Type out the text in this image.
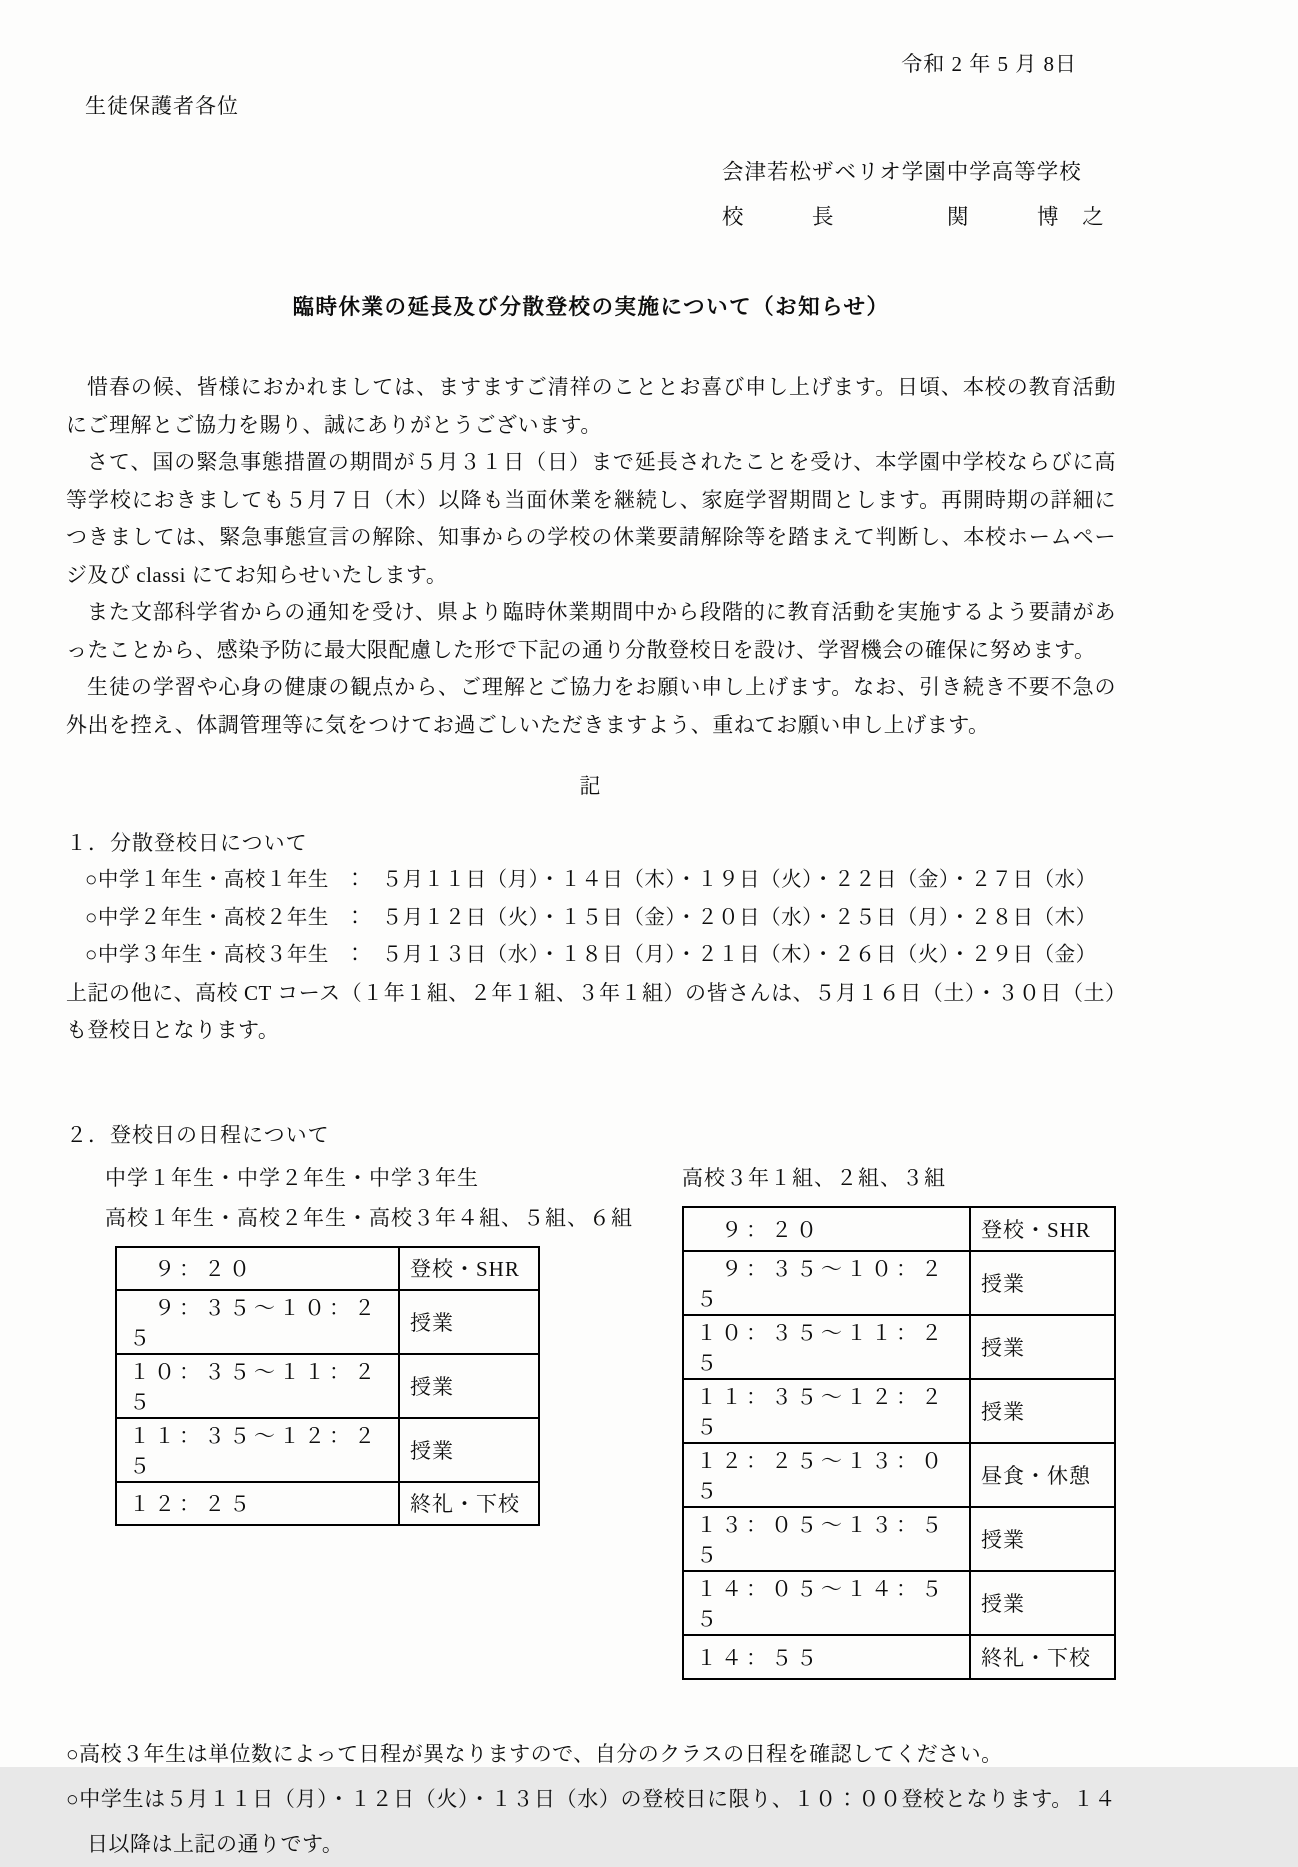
令和 2 年 5 月 8日
生徒保護者各位
会津若松ザベリオ学園中学高等学校
校　　　長　　　　　関　　　博　之
臨時休業の延長及び分散登校の実施について（お知らせ）

惜春の候、皆様におかれましては、ますますご清祥のこととお喜び申し上げます。日頃、本校の教育活動にご理解とご協力を賜り、誠にありがとうございます。

さて、国の緊急事態措置の期間が５月３１日（日）まで延長されたことを受け、本学園中学校ならびに高等学校におきましても５月７日（木）以降も当面休業を継続し、家庭学習期間とします。再開時期の詳細につきましては、緊急事態宣言の解除、知事からの学校の休業要請解除等を踏まえて判断し、本校ホームページ及び classi にてお知らせいたします。

また文部科学省からの通知を受け、県より臨時休業期間中から段階的に教育活動を実施するよう要請があったことから、感染予防に最大限配慮した形で下記の通り分散登校日を設け、学習機会の確保に努めます。

生徒の学習や心身の健康の観点から、ご理解とご協力をお願い申し上げます。なお、引き続き不要不急の外出を控え、体調管理等に気をつけてお過ごしいただきますよう、重ねてお願い申し上げます。

記
１．分散登校日について
○中学１年生・高校１年生　：　５月１１日（月）・１４日（木）・１９日（火）・２２日（金）・２７日（水）
○中学２年生・高校２年生　：　５月１２日（火）・１５日（金）・２０日（水）・２５日（月）・２８日（木）
○中学３年生・高校３年生　：　５月１３日（水）・１８日（月）・２１日（木）・２６日（火）・２９日（金）

上記の他に、高校 CT コース（１年１組、２年１組、３年１組）の皆さんは、５月１６日（土）・３０日（土）も登校日となります。

２．登校日の日程について
中学１年生・中学２年生・中学３年生
高校１年生・高校２年生・高校３年４組、５組、６組
　９：２０	登校・SHR
　９：３５～１０：２５	授業
１０：３５～１１：２５	授業
１１：３５～１２：２５	授業
１２：２５	終礼・下校
高校３年１組、２組、３組
　９：２０	登校・SHR
　９：３５～１０：２５	授業
１０：３５～１１：２５	授業
１１：３５～１２：２５	授業
１２：２５～１３：０５	昼食・休憩
１３：０５～１３：５５	授業
１４：０５～１４：５５	授業
１４：５５	終礼・下校

○高校３年生は単位数によって日程が異なりますので、自分のクラスの日程を確認してください。

○中学生は５月１１日（月）・１２日（火）・１３日（水）の登校日に限り、１０：００登校となります。１４日以降は上記の通りです。
